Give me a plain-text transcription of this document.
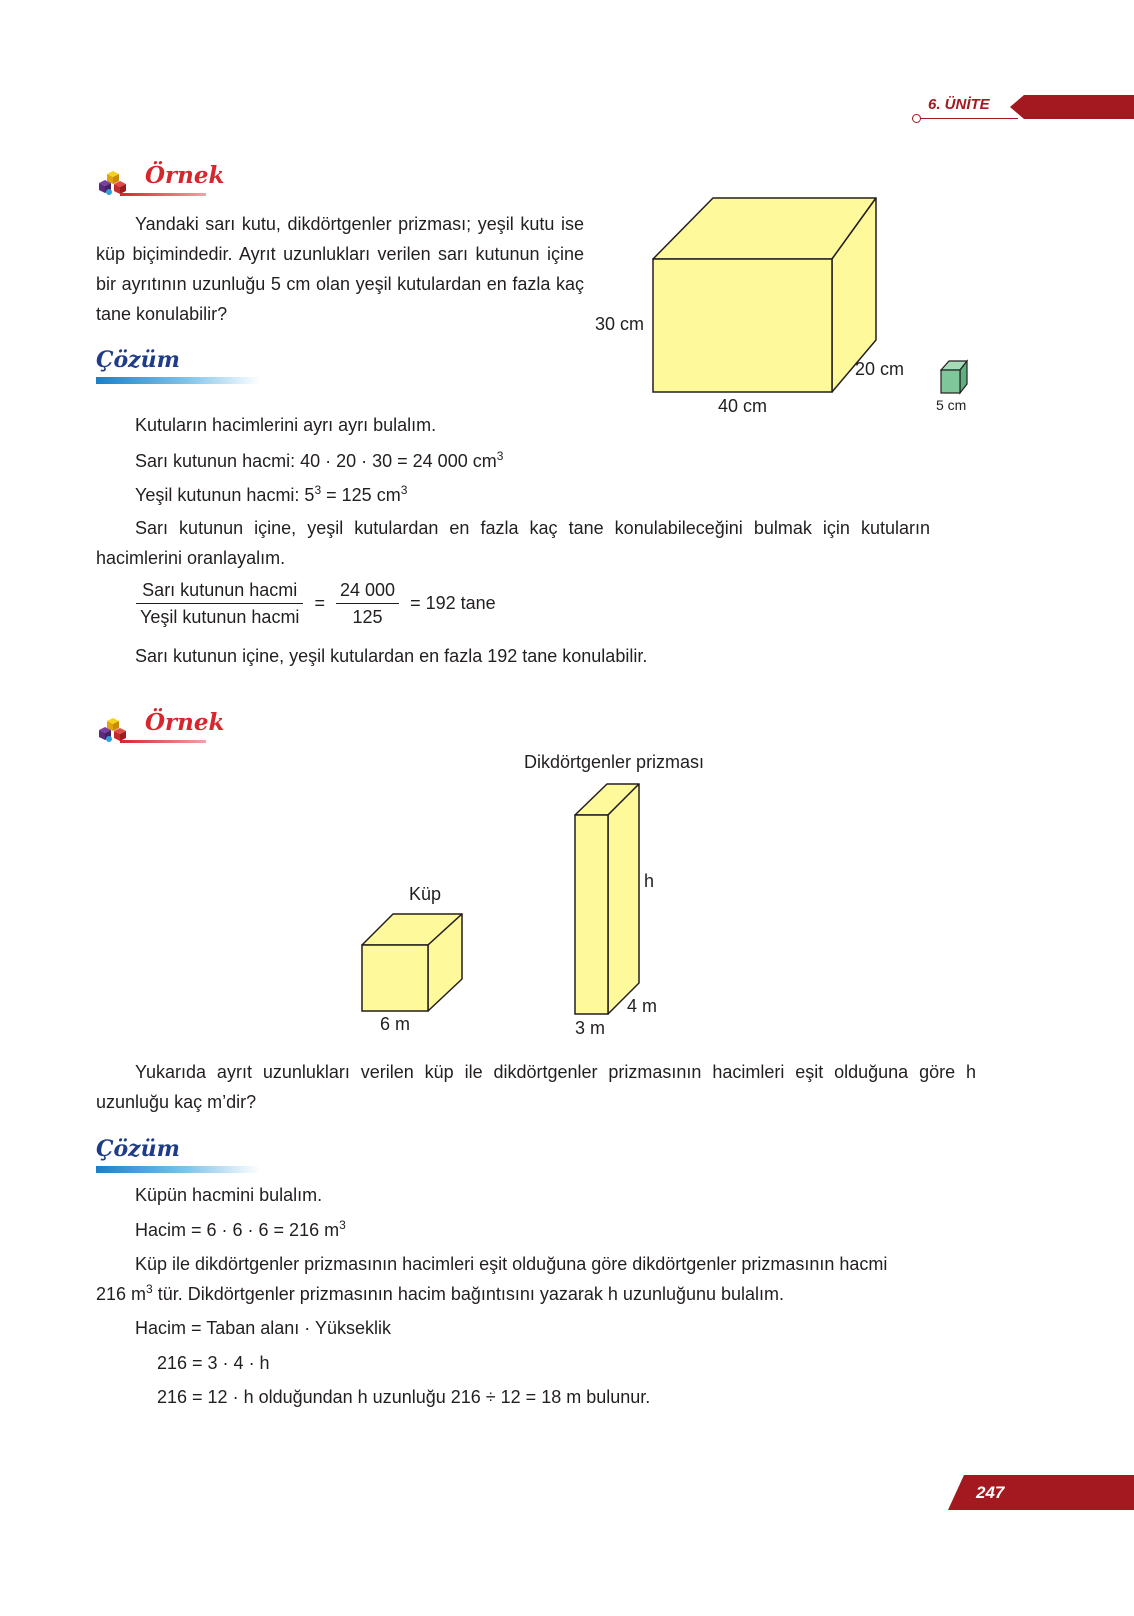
6. ÜNİTE
Örnek
Yandaki sarı kutu, dikdörtgenler prizması; yeşil kutu ise küp biçimindedir. Ayrıt uzunlukları verilen sarı kutunun içine bir ayrıtının uzunluğu 5 cm olan yeşil kutulardan en fazla kaç tane konulabilir?	30 cm
20 cm
40 cm	5 cm
Çözüm
Kutuların hacimlerini ayrı ayrı bulalım.
Sarı kutunun hacmi: 40 · 20 · 30 = 24 000 $cm^3$
Yeşil kutunun hacmi: $5^3 = 125$ $cm^3$
Sarı kutunun içine, yeşil kutulardan en fazla kaç tane konulabileceğini bulmak için kutuların hacimlerini oranlayalım.
$\frac{\text{Sarı kutunun hacmi}}{\text{Yeşil kutunun hacmi}} = \frac{24 000}{125} = 192$ tane
Sarı kutunun içine, yeşil kutulardan en fazla 192 tane konulabilir.
Örnek
Dikdörtgenler prizması
Küp
6 m
h
4 m
3 m
Yukarıda ayrıt uzunlukları verilen küp ile dikdörtgenler prizmasının hacimleri eşit olduğuna göre h uzunluğu kaç m’dir?
Çözüm
Küpün hacmini bulalım.
Hacim = 6 · 6 · 6 = 216 $m^3$
Küp ile dikdörtgenler prizmasının hacimleri eşit olduğuna göre dikdörtgenler prizmasının hacmi
216 $m^3$ tür. Dikdörtgenler prizmasının hacim bağıntısını yazarak h uzunluğunu bulalım.
Hacim = Taban alanı · Yükseklik
216 = 3 · 4 · h
216 = 12 · h olduğundan h uzunluğu 216 ÷ 12 = 18 m bulunur.
247
